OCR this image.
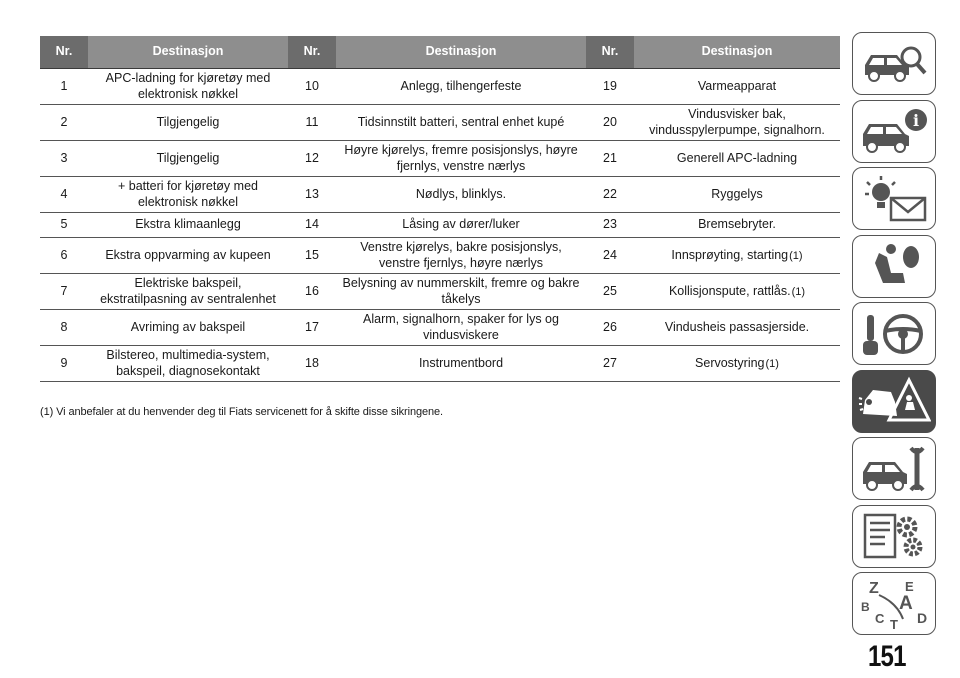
Nr.	Destinasjon	Nr.	Destinasjon	Nr.	Destinasjon
1	APC-ladning for kjøretøy med elektronisk nøkkel	10	Anlegg, tilhengerfeste	19	Varmeapparat
2	Tilgjengelig	11	Tidsinnstilt batteri, sentral enhet kupé	20	Vindusvisker bak, vindusspylerpumpe, signalhorn.
3	Tilgjengelig	12	Høyre kjørelys, fremre posisjonslys, høyre fjernlys, venstre nærlys	21	Generell APC-ladning
4	+ batteri for kjøretøy med elektronisk nøkkel	13	Nødlys, blinklys.	22	Ryggelys
5	Ekstra klimaanlegg	14	Låsing av dører/luker	23	Bremsebryter.
6	Ekstra oppvarming av kupeen	15	Venstre kjørelys, bakre posisjonslys, venstre fjernlys, høyre nærlys	24	Innsprøyting, starting(1)
7	Elektriske bakspeil, ekstratilpasning av sentralenhet	16	Belysning av nummerskilt, fremre og bakre tåkelys	25	Kollisjonspute, rattlås.(1)
8	Avriming av bakspeil	17	Alarm, signalhorn, spaker for lys og vindusviskere	26	Vindusheis passasjerside.
9	Bilstereo, multimedia-system, bakspeil, diagnosekontakt	18	Instrumentbord	27	Servostyring(1)
(1) Vi anbefaler at du henvender deg til Fiats servicenett for å skifte disse sikringene.
i
Z E
A
B
C T D
151
